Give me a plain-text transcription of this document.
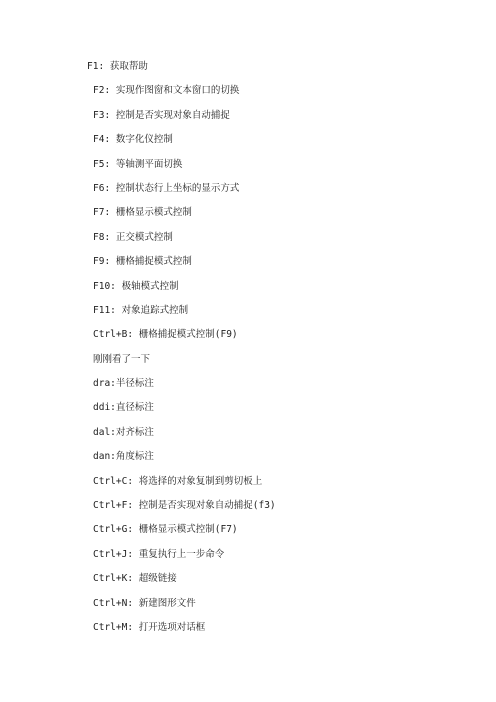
F1: 获取帮助
F2: 实现作图窗和文本窗口的切换
F3: 控制是否实现对象自动捕捉
F4: 数字化仪控制
F5: 等轴测平面切换
F6: 控制状态行上坐标的显示方式
F7: 栅格显示模式控制
F8: 正交模式控制
F9: 栅格捕捉模式控制
F10: 极轴模式控制
F11: 对象追踪式控制
Ctrl+B: 栅格捕捉模式控制(F9)
刚刚看了一下
dra:半径标注
ddi:直径标注
dal:对齐标注
dan:角度标注
Ctrl+C: 将选择的对象复制到剪切板上
Ctrl+F: 控制是否实现对象自动捕捉(f3)
Ctrl+G: 栅格显示模式控制(F7)
Ctrl+J: 重复执行上一步命令
Ctrl+K: 超级链接
Ctrl+N: 新建图形文件
Ctrl+M: 打开选项对话框
